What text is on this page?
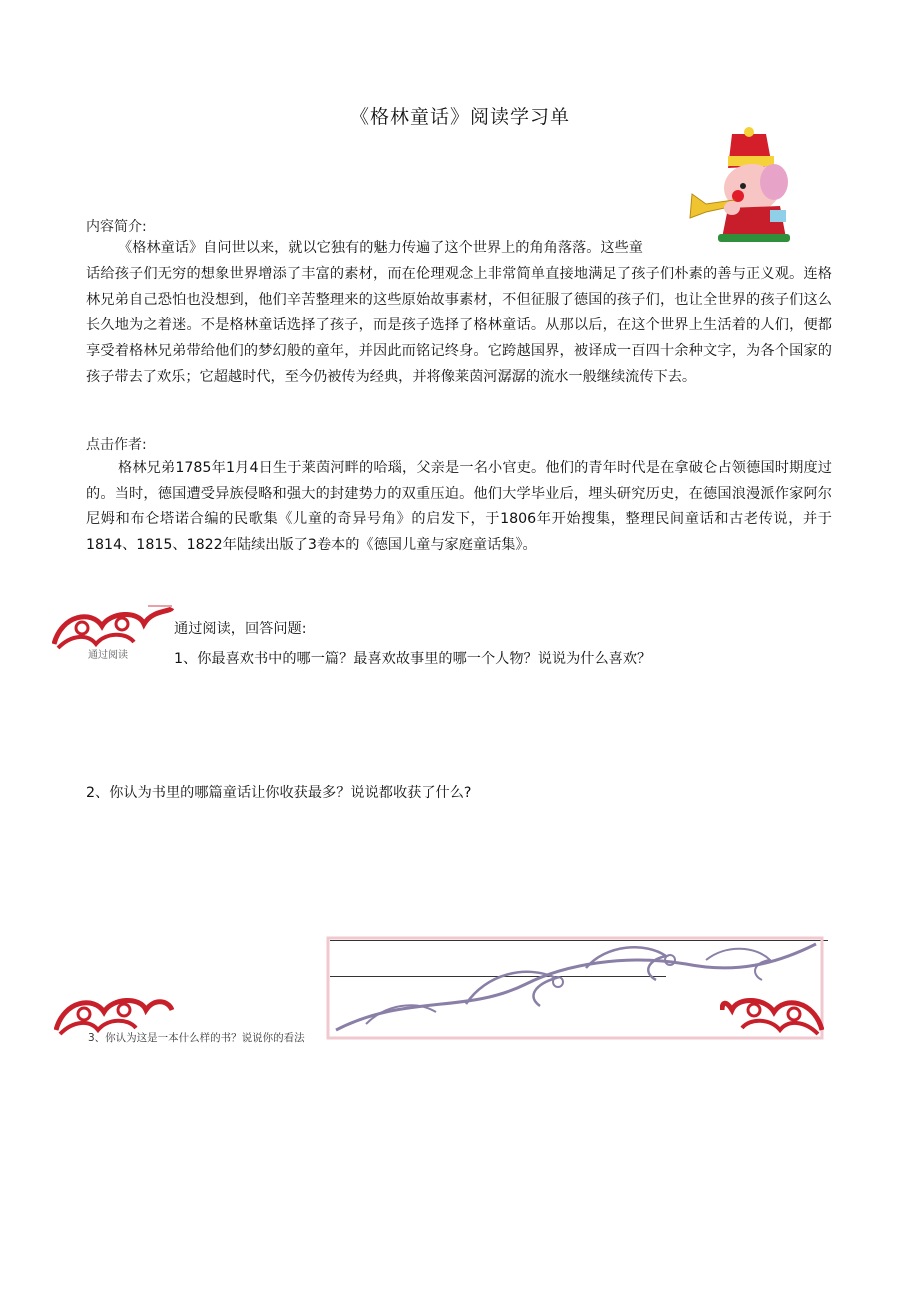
《格林童话》阅读学习单
内容简介:
《格林童话》自问世以来，就以它独有的魅力传遍了这个世界上的角角落落。这些童
话给孩子们无穷的想象世界增添了丰富的素材，而在伦理观念上非常简单直接地满足了孩子们朴素的善与正义观。连格林兄弟自己恐怕也没想到，他们辛苦整理来的这些原始故事素材，不但征服了德国的孩子们，也让全世界的孩子们这么长久地为之着迷。不是格林童话选择了孩子，而是孩子选择了格林童话。从那以后，在这个世界上生活着的人们，便都享受着格林兄弟带给他们的梦幻般的童年，并因此而铭记终身。它跨越国界，被译成一百四十余种文字，为各个国家的孩子带去了欢乐；它超越时代，至今仍被传为经典，并将像莱茵河潺潺的流水一般继续流传下去。
点击作者:
格林兄弟1785年1月4日生于莱茵河畔的哈瑙，父亲是一名小官吏。他们的青年时代是在拿破仑占领德国时期度过的。当时，德国遭受异族侵略和强大的封建势力的双重压迫。他们大学毕业后，埋头研究历史，在德国浪漫派作家阿尔尼姆和布仑塔诺合编的民歌集《儿童的奇异号角》的启发下，于1806年开始搜集，整理民间童话和古老传说，并于1814、1815、1822年陆续出版了3卷本的《德国儿童与家庭童话集》。
通过阅读
通过阅读，回答问题:
1、你最喜欢书中的哪一篇？最喜欢故事里的哪一个人物？说说为什么喜欢？
2、你认为书里的哪篇童话让你收获最多？说说都收获了什么?
3、你认为这是一本什么样的书？说说你的看法
